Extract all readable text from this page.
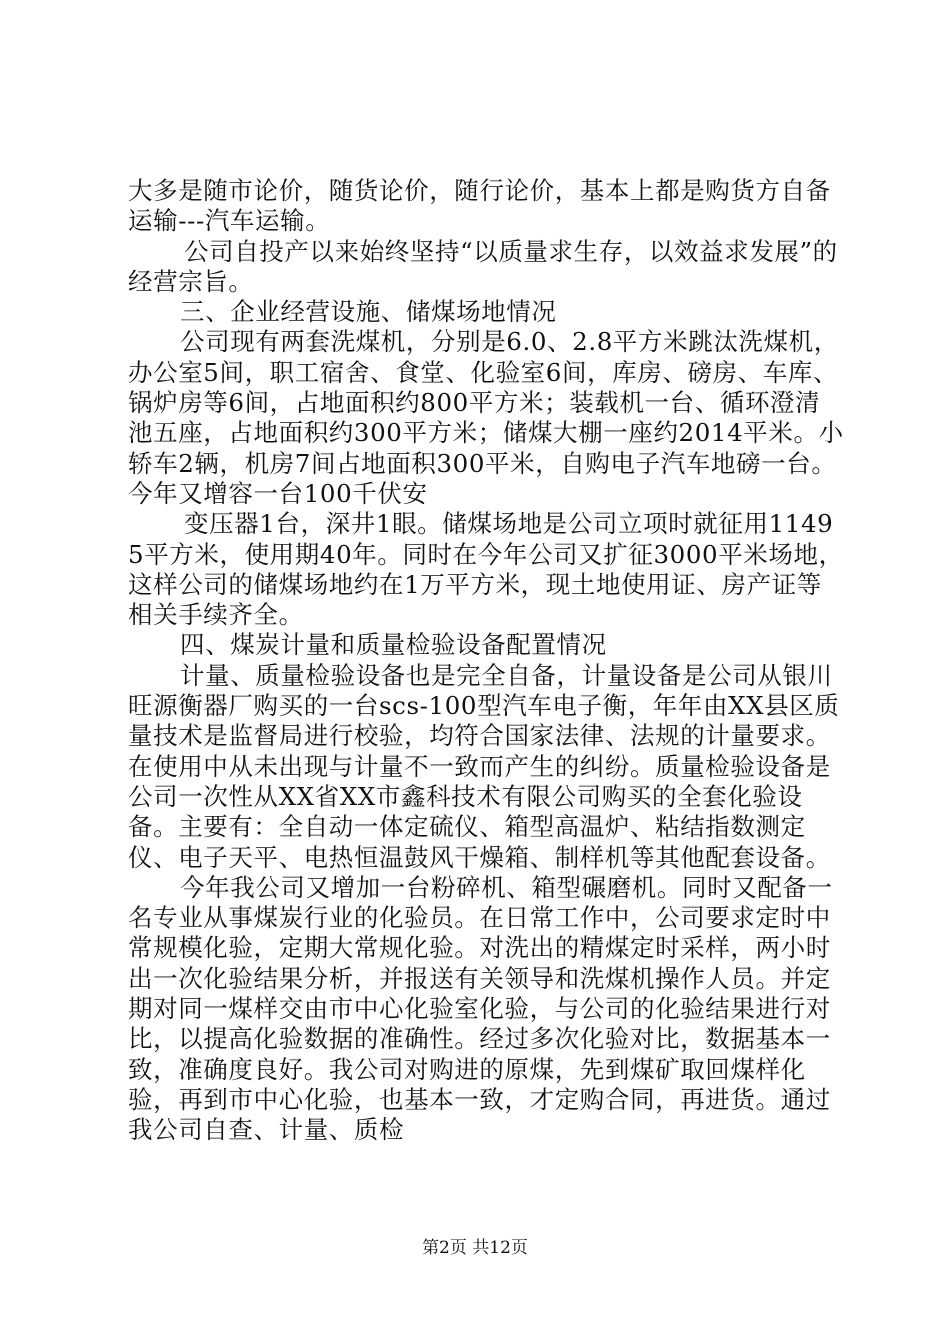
大多是随市论价，随货论价，随行论价，基本上都是购货方自备运输---汽车运输。

公司自投产以来始终坚持“以质量求生存，以效益求发展”的经营宗旨。

三、企业经营设施、储煤场地情况

公司现有两套洗煤机，分别是6.0、2.8平方米跳汰洗煤机，办公室5间，职工宿舍、食堂、化验室6间，库房、磅房、车库、锅炉房等6间，占地面积约800平方米；装载机一台、循环澄清池五座，占地面积约300平方米；储煤大棚一座约2014平米。小轿车2辆，机房7间占地面积300平米，自购电子汽车地磅一台。今年又增容一台100千伏安

变压器1台，深井1眼。储煤场地是公司立项时就征用11495平方米，使用期40年。同时在今年公司又扩征3000平米场地，这样公司的储煤场地约在1万平方米，现土地使用证、房产证等相关手续齐全。

四、煤炭计量和质量检验设备配置情况

计量、质量检验设备也是完全自备，计量设备是公司从银川旺源衡器厂购买的一台scs-100型汽车电子衡，年年由XX县区质量技术是监督局进行校验，均符合国家法律、法规的计量要求。在使用中从未出现与计量不一致而产生的纠纷。质量检验设备是公司一次性从XX省XX市鑫科技术有限公司购买的全套化验设备。主要有：全自动一体定硫仪、箱型高温炉、粘结指数测定仪、电子天平、电热恒温鼓风干燥箱、制样机等其他配套设备。

今年我公司又增加一台粉碎机、箱型碾磨机。同时又配备一名专业从事煤炭行业的化验员。在日常工作中，公司要求定时中常规模化验，定期大常规化验。对洗出的精煤定时采样，两小时出一次化验结果分析，并报送有关领导和洗煤机操作人员。并定期对同一煤样交由市中心化验室化验，与公司的化验结果进行对比，以提高化验数据的准确性。经过多次化验对比，数据基本一致，准确度良好。我公司对购进的原煤，先到煤矿取回煤样化验，再到市中心化验，也基本一致，才定购合同，再进货。通过我公司自查、计量、质检

第2页 共12页
